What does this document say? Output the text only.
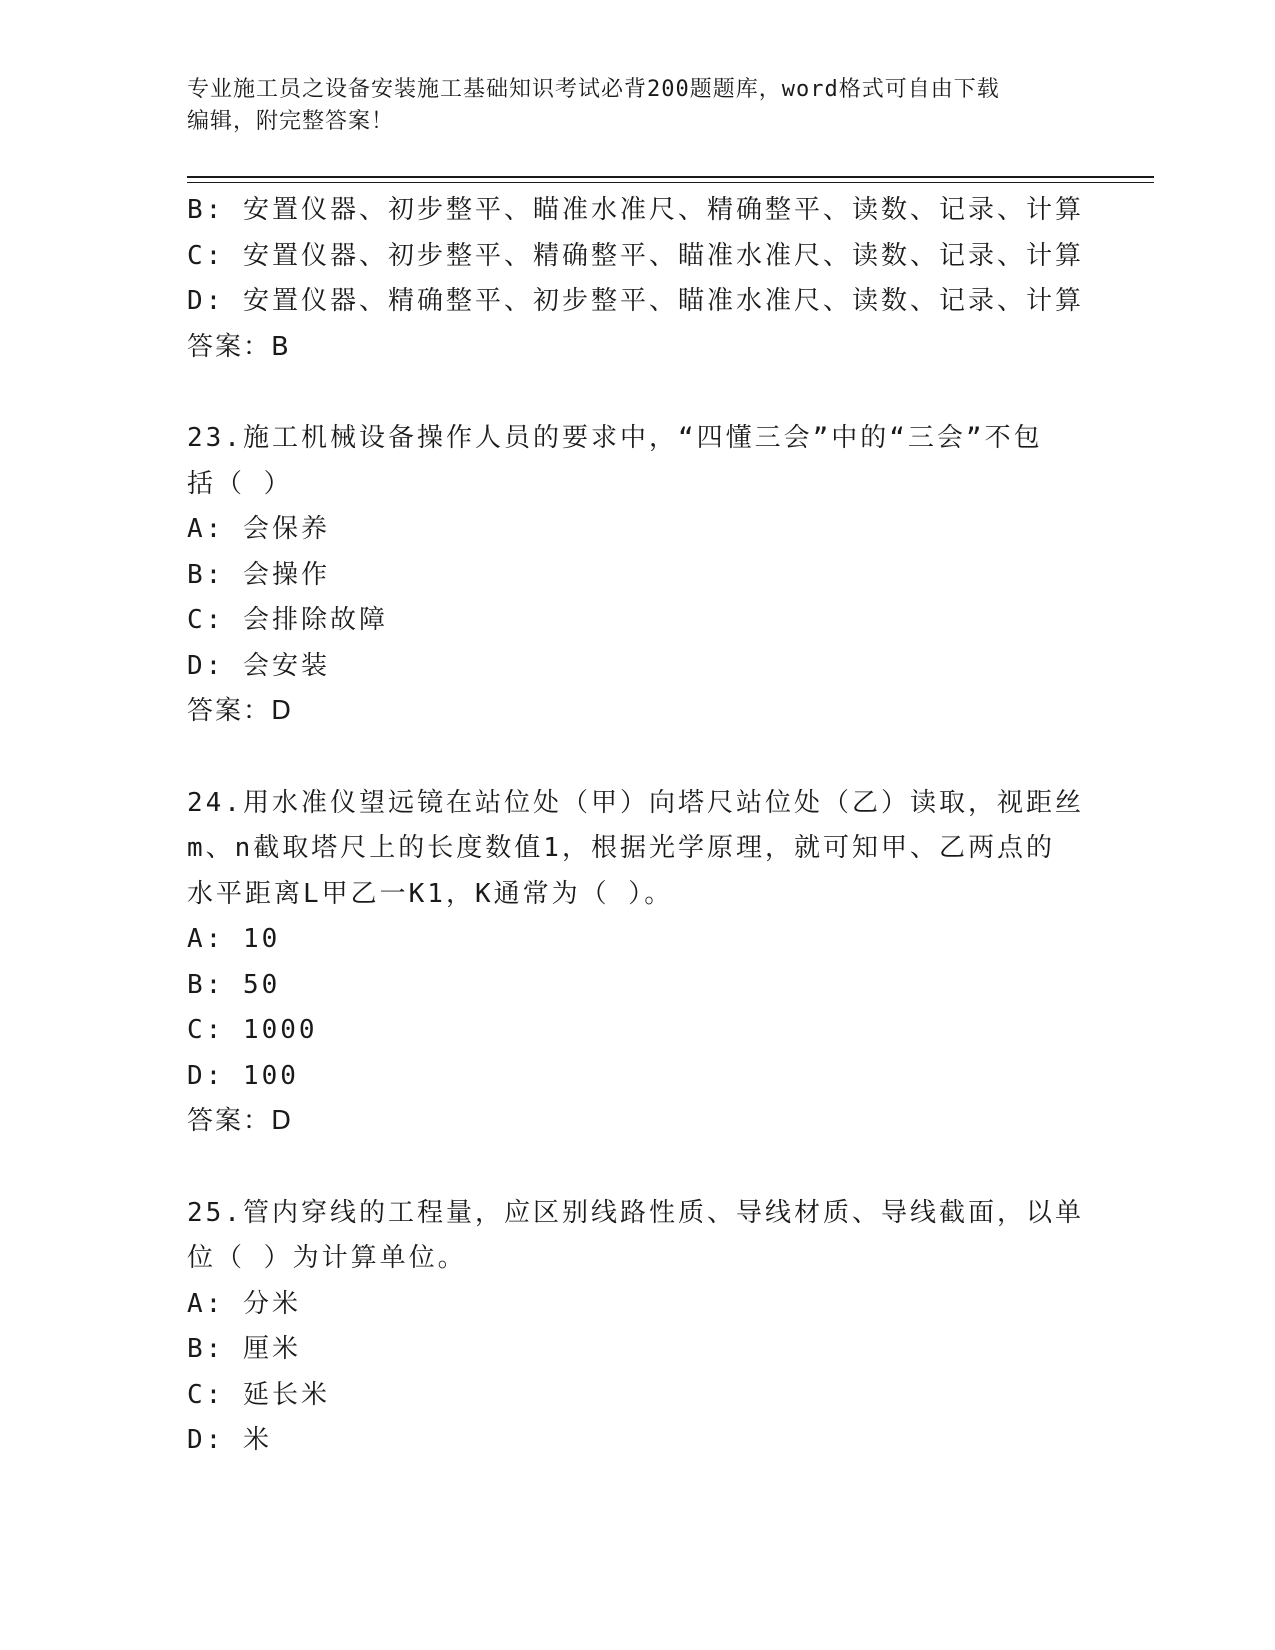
专业施工员之设备安装施工基础知识考试必背200题题库，word格式可自由下载
编辑，附完整答案！
B: 安置仪器、初步整平、瞄准水准尺、精确整平、读数、记录、计算
C: 安置仪器、初步整平、精确整平、瞄准水准尺、读数、记录、计算
D: 安置仪器、精确整平、初步整平、瞄准水准尺、读数、记录、计算
答案：B
23.施工机械设备操作人员的要求中，“四懂三会”中的“三会”不包
括（ ）
A: 会保养
B: 会操作
C: 会排除故障
D: 会安装
答案：D
24.用水准仪望远镜在站位处（甲）向塔尺站位处（乙）读取，视距丝
m、n截取塔尺上的长度数值1，根据光学原理，就可知甲、乙两点的
水平距离L甲乙一K1，K通常为（ ）。
A: 10
B: 50
C: 1000
D: 100
答案：D
25.管内穿线的工程量，应区别线路性质、导线材质、导线截面，以单
位（ ）为计算单位。
A: 分米
B: 厘米
C: 延长米
D: 米
